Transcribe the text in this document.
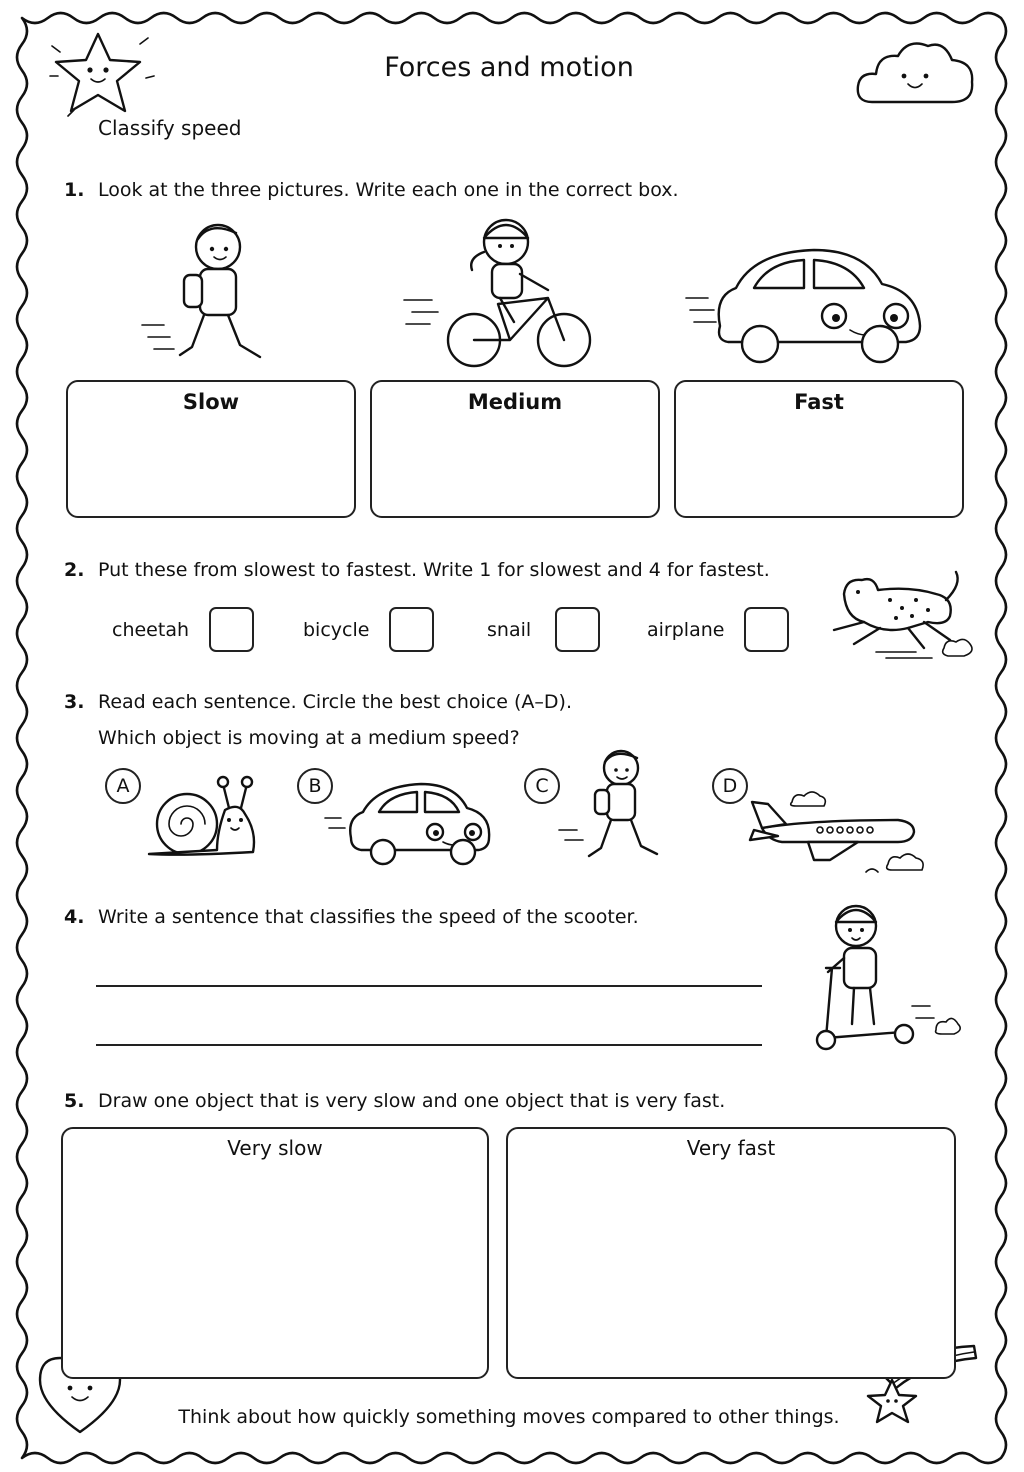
Forces and motion
Classify speed
1. Look at the three pictures. Write each one in the correct box.
Slow	Medium	Fast
2. Put these from slowest to fastest. Write 1 for slowest and 4 for fastest.
cheetah	bicycle	snail	airplane
3. Read each sentence. Circle the best choice (A–D).
Which object is moving at a medium speed?
A	B	C	D
4. Write a sentence that classifies the speed of the scooter.
5. Draw one object that is very slow and one object that is very fast.
Very slow	Very fast
Think about how quickly something moves compared to other things.
